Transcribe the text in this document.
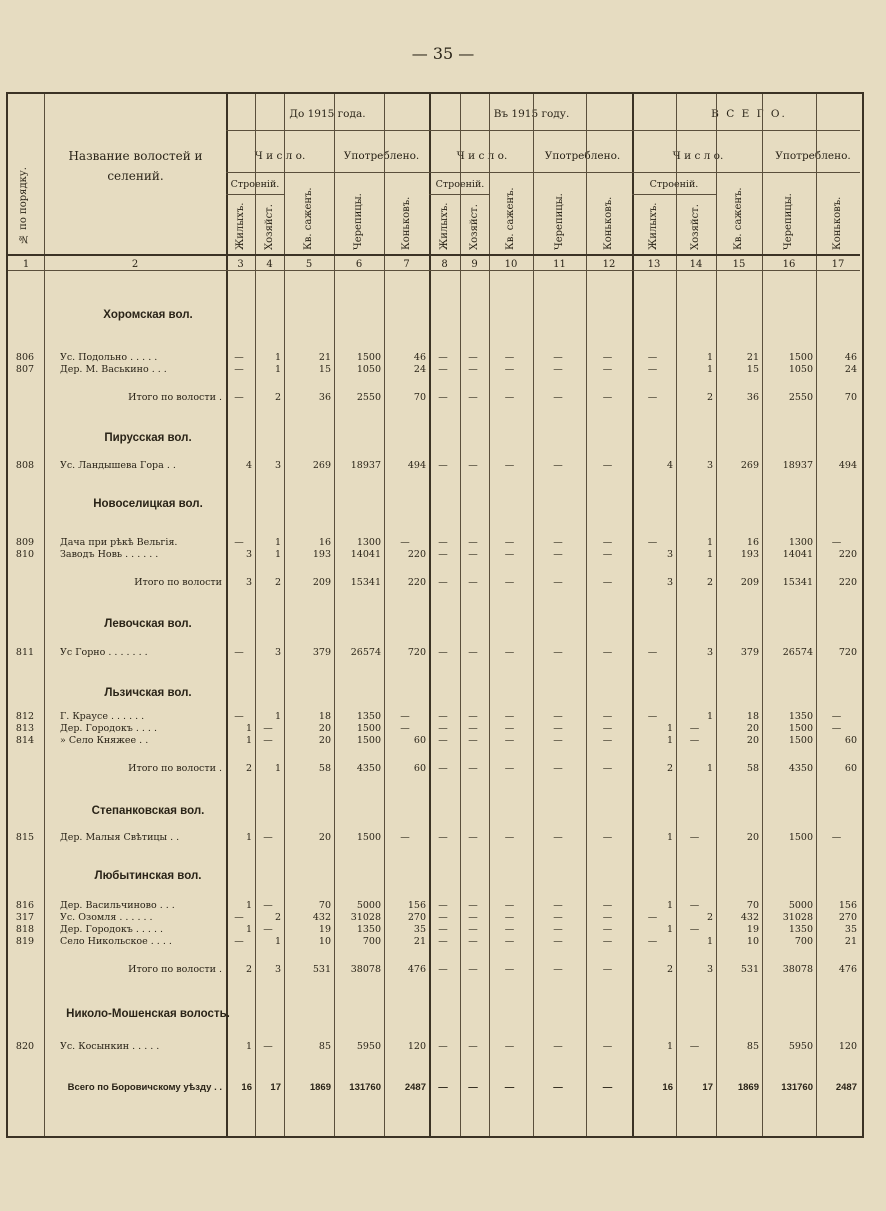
— 35 —
№ по порядку.
Название волостей и селений.
До 1915 года.	Въ 1915 году.	В С Е Г О.
Ч и с л о.	Употреблено.	Ч и с л о.	Употреблено.	Ч и с л о.	Употреблено.
Строеній.	Строеній.	Строеній.
Жилыхъ. Хозяйст.	Кв. саженъ.	Черепицы.	Коньковъ.	Жилыхъ. Хозяйст.	Кв. саженъ.	Черепицы.	Коньковъ.	Жилыхъ.	Хозяйст.	Кв. саженъ.	Черепицы.	Коньковъ.
1	2	3	4	5	6	7	8	9	10	11	12	13	14	15	16	17
Хоромская вол.
806	Ус. Подольно . . . . .	—	1	21	1500	46	—	—	—	—	—	—	1	21	1500	46
807	Дер. М. Васькино . . .	—	1	15	1050	24	—	—	—	—	—	—	1	15	1050	24
Итого по волости .	—	2	36	2550	70	—	—	—	—	—	—	2	36	2550	70
Пирусская вол.
808	Ус. Ландышева Гора . .	4	3	269	18937	494	—	—	—	—	—	4	3	269	18937	494
Новоселицкая вол.
809	Дача при рѣкѣ Вельгія.	—	1	16	1300	—	—	—	—	—	—	—	1	16	1300	—
810	Заводъ Новь . . . . . .	3	1	193	14041	220	—	—	—	—	—	3	1	193	14041	220
Итого по волости	3	2	209	15341	220	—	—	—	—	—	3	2	209	15341	220
Левочская вол.
811	Ус Горно . . . . . . .	—	3	379	26574	720	—	—	—	—	—	—	3	379	26574	720
Льзичская вол.
812	Г. Краусе . . . . . .	—	1	18	1350	—	—	—	—	—	—	—	1	18	1350	—
813	Дер. Городокъ . . . .	1	—	20	1500	—	—	—	—	—	—	1	—	20	1500	—
814	» Село Княжее . .	1	—	20	1500	60	—	—	—	—	—	1	—	20	1500	60
Итого по волости .	2	1	58	4350	60	—	—	—	—	—	2	1	58	4350	60
Степанковская вол.
815	Дер. Малыя Свѣтицы . .	1	—	20	1500	—	—	—	—	—	—	1	—	20	1500	—
Любытинская вол.
816	Дер. Васильчиново . . .	1	—	70	5000	156	—	—	—	—	—	1	—	70	5000	156
317	Ус. Озомля . . . . . .	—	2	432	31028	270	—	—	—	—	—	—	2	432	31028	270
818	Дер. Городокъ . . . . .	1	—	19	1350	35	—	—	—	—	—	1	—	19	1350	35
819	Село Никольское . . . .	—	1	10	700	21	—	—	—	—	—	—	1	10	700	21
Итого по волости .	2	3	531	38078	476	—	—	—	—	—	2	3	531	38078	476
Николо-Мошенская волость.
820	Ус. Косынкин . . . . .	1	—	85	5950	120	—	—	—	—	—	1	—	85	5950	120
Всего по Боровичскому уѣзду . .	16	17	1869	131760	2487	—	—	—	—	—	16	17	1869	131760	2487
